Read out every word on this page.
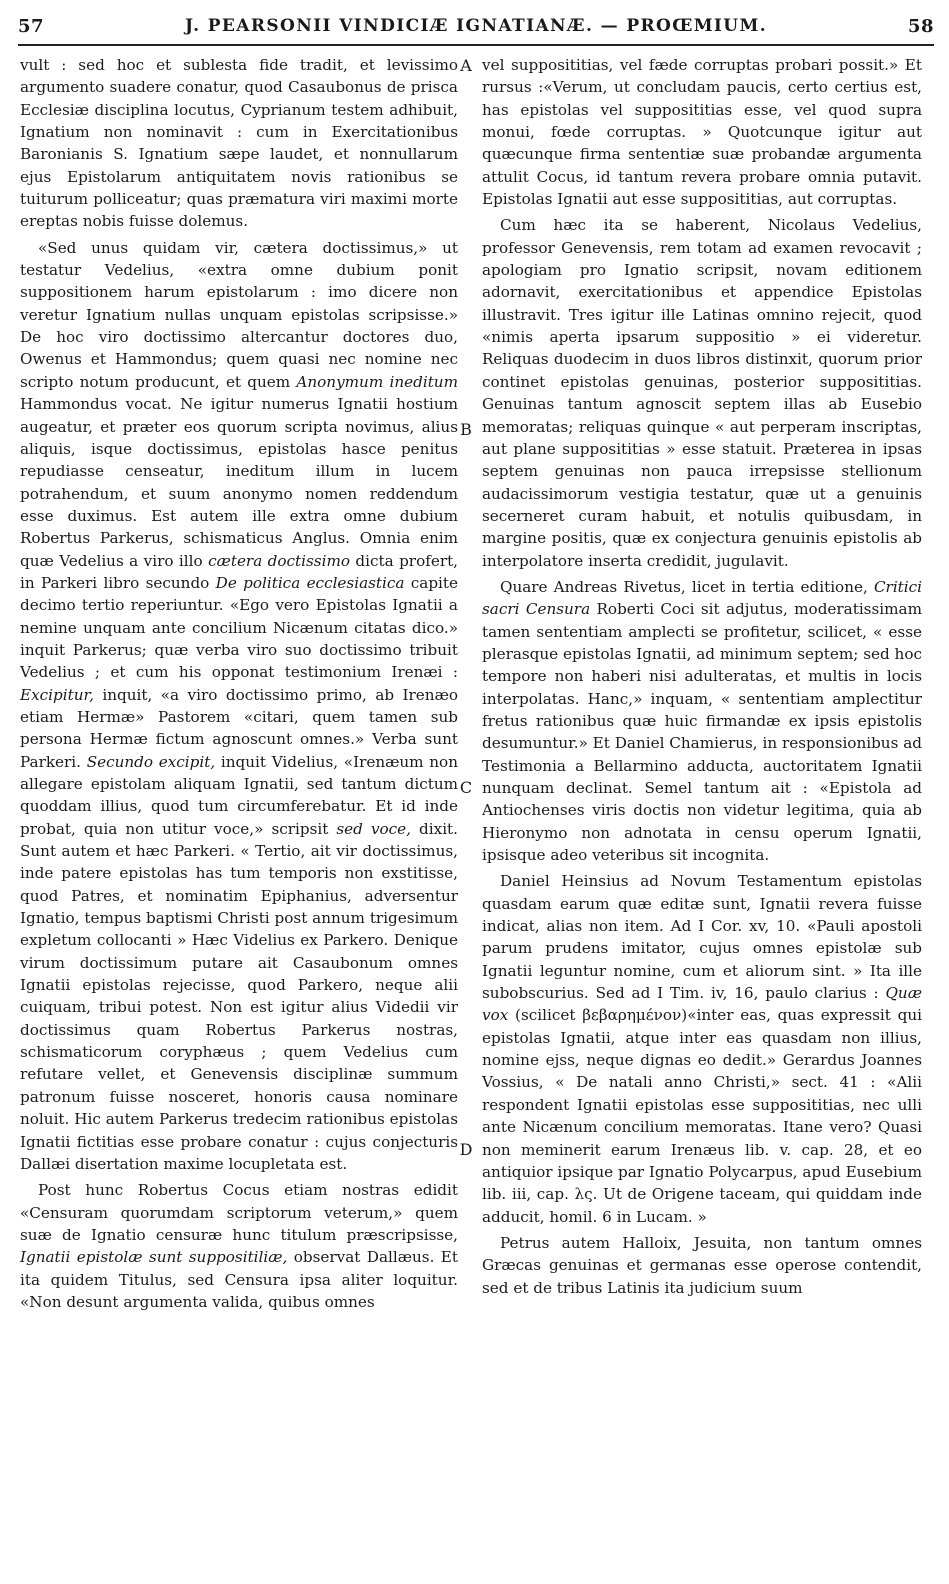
57	J. PEARSONII VINDICIÆ IGNATIANÆ. — PROŒMIUM.	58
A
B
C
D

vult : sed hoc et sublesta fide tradit, et levissimo argumento suadere conatur, quod Casaubonus de prisca Ecclesiæ disciplina locutus, Cyprianum testem adhibuit, Ignatium non nominavit : cum in Exercitationibus Baronianis S. Ignatium sæpe laudet, et nonnullarum ejus Epistolarum antiquitatem novis rationibus se tuiturum polliceatur; quas præmatura viri maximi morte ereptas nobis fuisse dolemus.

«Sed unus quidam vir, cætera doctissimus,» ut testatur Vedelius, «extra omne dubium ponit suppositionem harum epistolarum : imo dicere non veretur Ignatium nullas unquam epistolas scripsisse.» De hoc viro doctissimo altercantur doctores duo, Owenus et Hammondus; quem quasi nec nomine nec scripto notum producunt, et quem Anonymum ineditum Hammondus vocat. Ne igitur numerus Ignatii hostium augeatur, et præter eos quorum scripta novimus, alius aliquis, isque doctissimus, epistolas hasce penitus repudiasse censeatur, ineditum illum in lucem potrahendum, et suum anonymo nomen reddendum esse duximus. Est autem ille extra omne dubium Robertus Parkerus, schismaticus Anglus. Omnia enim quæ Vedelius a viro illo cætera doctissimo dicta profert, in Parkeri libro secundo De politica ecclesiastica capite decimo tertio reperiuntur. «Ego vero Epistolas Ignatii a nemine unquam ante concilium Nicænum citatas dico.» inquit Parkerus; quæ verba viro suo doctissimo tribuit Vedelius ; et cum his opponat testimonium Irenæi : Excipitur, inquit, «a viro doctissimo primo, ab Irenæo etiam Hermæ» Pastorem «citari, quem tamen sub persona Hermæ fictum agnoscunt omnes.» Verba sunt Parkeri. Secundo excipit, inquit Videlius, «Irenæum non allegare epistolam aliquam Ignatii, sed tantum dictum quoddam illius, quod tum circumferebatur. Et id inde probat, quia non utitur voce,» scripsit sed voce, dixit. Sunt autem et hæc Parkeri. « Tertio, ait vir doctissimus, inde patere epistolas has tum temporis non exstitisse, quod Patres, et nominatim Epiphanius, adversentur Ignatio, tempus baptismi Christi post annum trigesimum expletum collocanti » Hæc Videlius ex Parkero. Denique virum doctissimum putare ait Casaubonum omnes Ignatii epistolas rejecisse, quod Parkero, neque alii cuiquam, tribui potest. Non est igitur alius Videdii vir doctissimus quam Robertus Parkerus nostras, schismaticorum coryphæus ; quem Vedelius cum refutare vellet, et Genevensis disciplinæ summum patronum fuisse nosceret, honoris causa nominare noluit. Hic autem Parkerus tredecim rationibus epistolas Ignatii fictitias esse probare conatur : cujus conjecturis Dallæi disertation maxime locupletata est.

Post hunc Robertus Cocus etiam nostras edidit «Censuram quorumdam scriptorum veterum,» quem suæ de Ignatio censuræ hunc titulum præscripsisse, Ignatii epistolæ sunt suppositiliæ, observat Dallæus. Et ita quidem Titulus, sed Censura ipsa aliter loquitur. «Non desunt argumenta valida, quibus omnes

vel supposititias, vel fæde corruptas probari possit.» Et rursus :«Verum, ut concludam paucis, certo certius est, has epistolas vel supposititias esse, vel quod supra monui, fœde corruptas. » Quotcunque igitur aut quæcunque firma sententiæ suæ probandæ argumenta attulit Cocus, id tantum revera probare omnia putavit. Epistolas Ignatii aut esse supposititias, aut corruptas.

Cum hæc ita se haberent, Nicolaus Vedelius, professor Genevensis, rem totam ad examen revocavit ; apologiam pro Ignatio scripsit, novam editionem adornavit, exercitationibus et appendice Epistolas illustravit. Tres igitur ille Latinas omnino rejecit, quod «nimis aperta ipsarum suppositio » ei videretur. Reliquas duodecim in duos libros distinxit, quorum prior continet epistolas genuinas, posterior supposititias. Genuinas tantum agnoscit septem illas ab Eusebio memoratas; reliquas quinque « aut perperam inscriptas, aut plane supposititias » esse statuit. Præterea in ipsas septem genuinas non pauca irrepsisse stellionum audacissimorum vestigia testatur, quæ ut a genuinis secerneret curam habuit, et notulis quibusdam, in margine positis, quæ ex conjectura genuinis epistolis ab interpolatore inserta credidit, jugulavit.

Quare Andreas Rivetus, licet in tertia editione, Critici sacri Censura Roberti Coci sit adjutus, moderatissimam tamen sententiam amplecti se profitetur, scilicet, « esse plerasque epistolas Ignatii, ad minimum septem; sed hoc tempore non haberi nisi adulteratas, et multis in locis interpolatas. Hanc,» inquam, « sententiam amplectitur fretus rationibus quæ huic firmandæ ex ipsis epistolis desumuntur.» Et Daniel Chamierus, in responsionibus ad Testimonia a Bellarmino adducta, auctoritatem Ignatii nunquam declinat. Semel tantum ait : «Epistola ad Antiochenses viris doctis non videtur legitima, quia ab Hieronymo non adnotata in censu operum Ignatii, ipsisque adeo veteribus sit incognita.

Daniel Heinsius ad Novum Testamentum epistolas quasdam earum quæ editæ sunt, Ignatii revera fuisse indicat, alias non item. Ad I Cor. xv, 10. «Pauli apostoli parum prudens imitator, cujus omnes epistolæ sub Ignatii leguntur nomine, cum et aliorum sint. » Ita ille subobscurius. Sed ad I Tim. iv, 16, paulo clarius : Quæ vox (scilicet βεβαρημένον)«inter eas, quas expressit qui epistolas Ignatii, atque inter eas quasdam non illius, nomine ejss, neque dignas eo dedit.» Gerardus Joannes Vossius, « De natali anno Christi,» sect. 41 : «Alii respondent Ignatii epistolas esse supposititias, nec ulli ante Nicænum concilium memoratas. Itane vero? Quasi non meminerit earum Irenæus lib. v. cap. 28, et eo antiquior ipsique par Ignatio Polycarpus, apud Eusebium lib. iii, cap. λς. Ut de Origene taceam, qui quiddam inde adducit, homil. 6 in Lucam. »

Petrus autem Halloix, Jesuita, non tantum omnes Græcas genuinas et germanas esse operose contendit, sed et de tribus Latinis ita judicium suum
